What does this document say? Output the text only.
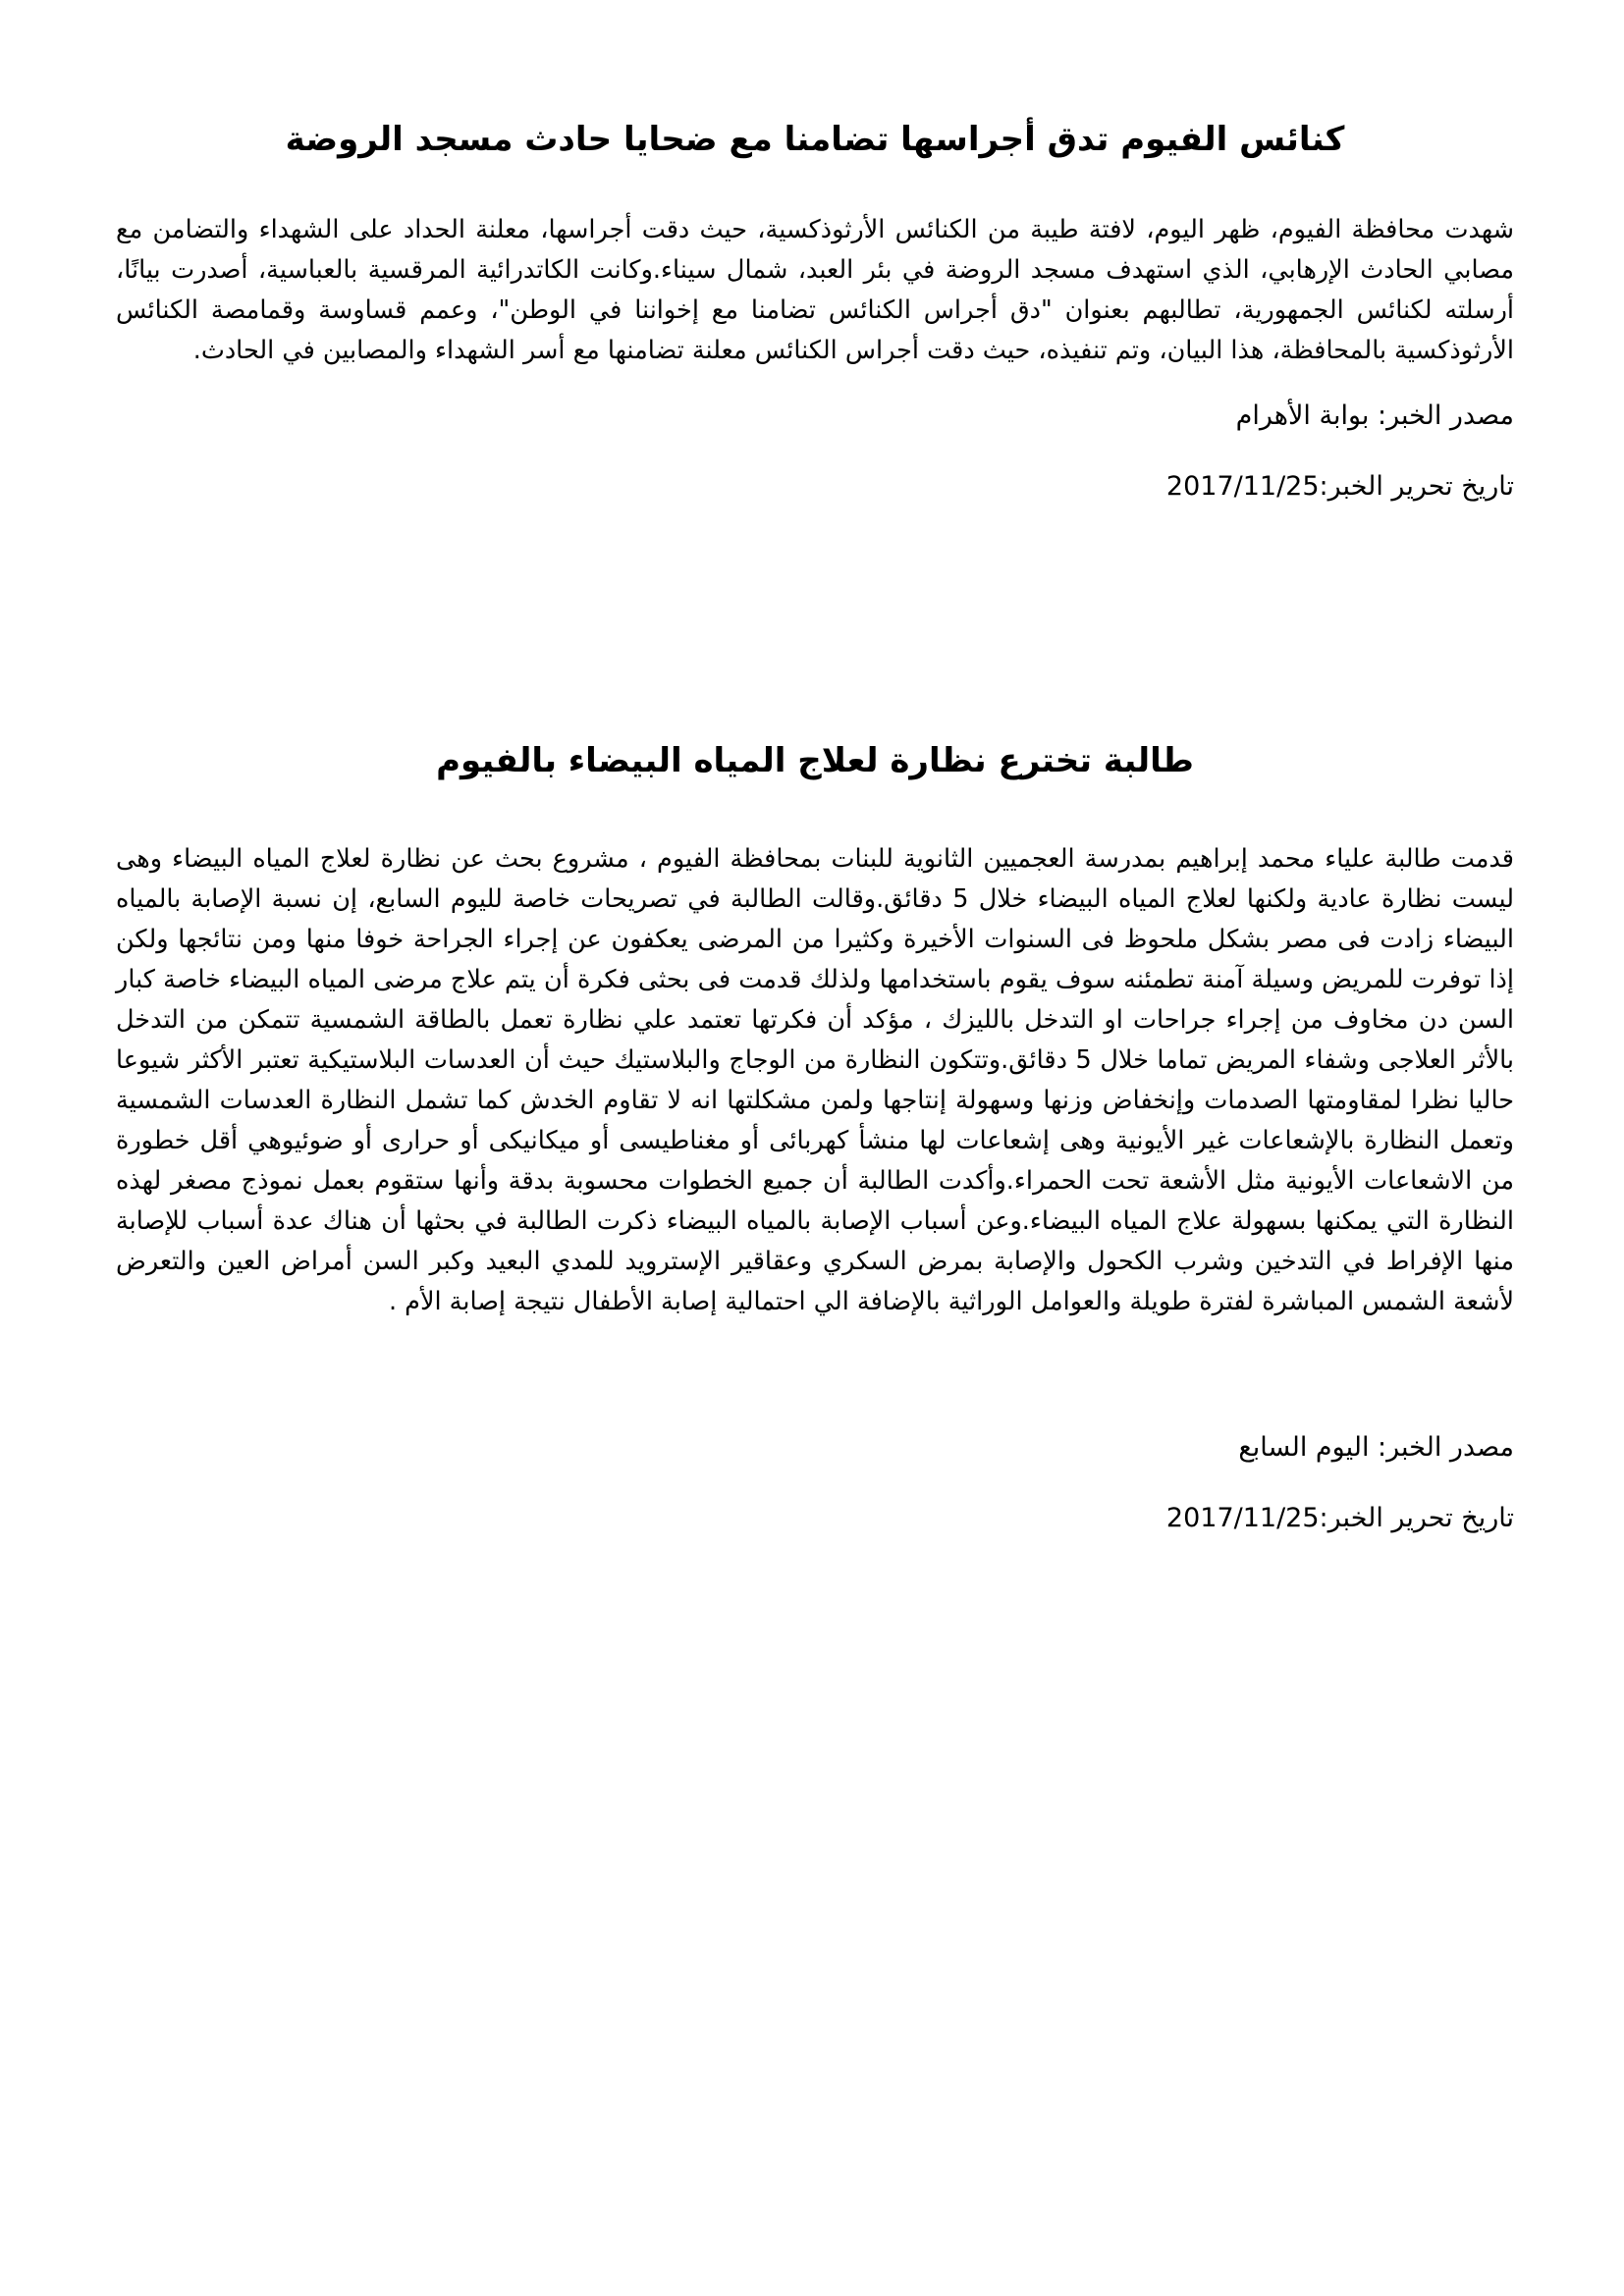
كنائس الفيوم تدق أجراسها تضامنا مع ضحايا حادث مسجد الروضة

شهدت محافظة الفيوم، ظهر اليوم، لافتة طيبة من الكنائس الأرثوذكسية، حيث دقت أجراسها، معلنة الحداد على الشهداء والتضامن مع مصابي الحادث الإرهابي، الذي استهدف مسجد الروضة في بئر العبد، شمال سيناء.وكانت الكاتدرائية المرقسية بالعباسية، أصدرت بيانًا، أرسلته لكنائس الجمهورية، تطالبهم بعنوان "دق أجراس الكنائس تضامنا مع إخواننا في الوطن"، وعمم قساوسة وقمامصة الكنائس الأرثوذكسية بالمحافظة، هذا البيان، وتم تنفيذه، حيث دقت أجراس الكنائس معلنة تضامنها مع أسر الشهداء والمصابين في الحادث.

مصدر الخبر: بوابة الأهرام

تاريخ تحرير الخبر:2017/11/25

طالبة تخترع نظارة لعلاج المياه البيضاء بالفيوم

قدمت طالبة علياء محمد إبراهيم بمدرسة العجميين الثانوية للبنات بمحافظة الفيوم ، مشروع بحث عن نظارة لعلاج المياه البيضاء وهى ليست نظارة عادية ولكنها لعلاج المياه البيضاء خلال 5 دقائق.وقالت الطالبة في تصريحات خاصة لليوم السابع، إن نسبة الإصابة بالمياه البيضاء زادت فى مصر بشكل ملحوظ فى السنوات الأخيرة وكثيرا من المرضى يعكفون عن إجراء الجراحة خوفا منها ومن نتائجها ولكن إذا توفرت للمريض وسيلة آمنة تطمئنه سوف يقوم باستخدامها ولذلك قدمت فى بحثى فكرة أن يتم علاج مرضى المياه البيضاء خاصة كبار السن دن مخاوف من إجراء جراحات او التدخل بالليزك ، مؤكد أن فكرتها تعتمد علي نظارة تعمل بالطاقة الشمسية تتمكن من التدخل بالأثر العلاجى وشفاء المريض تماما خلال 5 دقائق.وتتكون النظارة من الوجاج والبلاستيك حيث أن العدسات البلاستيكية تعتبر الأكثر شيوعا حاليا نظرا لمقاومتها الصدمات وإنخفاض وزنها وسهولة إنتاجها ولمن مشكلتها انه لا تقاوم الخدش كما تشمل النظارة العدسات الشمسية وتعمل النظارة بالإشعاعات غير الأيونية وهى إشعاعات لها منشأ كهربائى أو مغناطيسى أو ميكانيكى أو حرارى أو ضوئيوهي أقل خطورة من الاشعاعات الأيونية مثل الأشعة تحت الحمراء.وأكدت الطالبة أن جميع الخطوات محسوبة بدقة وأنها ستقوم بعمل نموذج مصغر لهذه النظارة التي يمكنها بسهولة علاج المياه البيضاء.وعن أسباب الإصابة بالمياه البيضاء ذكرت الطالبة في بحثها أن هناك عدة أسباب للإصابة منها الإفراط في التدخين وشرب الكحول والإصابة بمرض السكري وعقاقير الإسترويد للمدي البعيد وكبر السن أمراض العين والتعرض لأشعة الشمس المباشرة لفترة طويلة والعوامل الوراثية بالإضافة الي احتمالية إصابة الأطفال نتيجة إصابة الأم .

مصدر الخبر: اليوم السابع

تاريخ تحرير الخبر:2017/11/25
